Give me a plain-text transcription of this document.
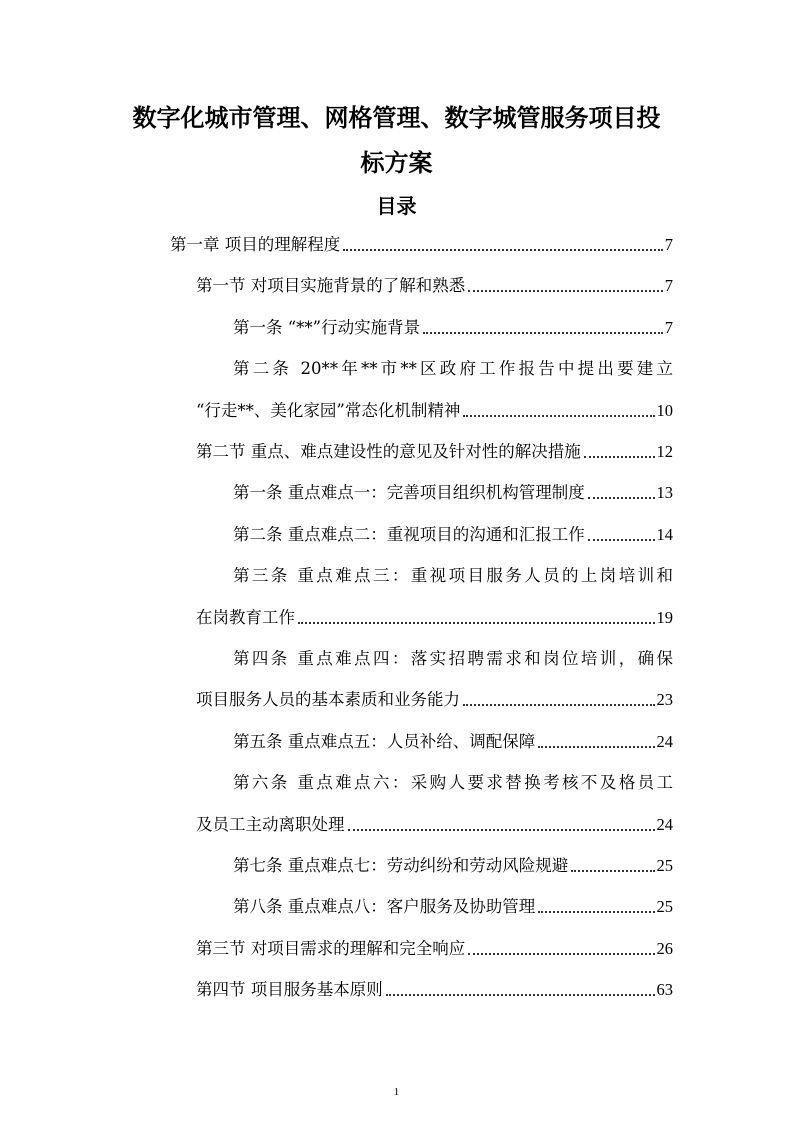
数字化城市管理、网格管理、数字城管服务项目投
标方案
目录
第一章 项目的理解程度	7
第一节 对项目实施背景的了解和熟悉	7
第一条 “**”行动实施背景	7
第二条 20**年**市**区政府工作报告中提出要建立
“行走**、美化家园”常态化机制精神	10
第二节 重点、难点建设性的意见及针对性的解决措施	12
第一条 重点难点一：完善项目组织机构管理制度	13
第二条 重点难点二：重视项目的沟通和汇报工作	14
第三条 重点难点三：重视项目服务人员的上岗培训和
在岗教育工作	19
第四条 重点难点四：落实招聘需求和岗位培训，确保
项目服务人员的基本素质和业务能力	23
第五条 重点难点五：人员补给、调配保障	24
第六条 重点难点六：采购人要求替换考核不及格员工
及员工主动离职处理	24
第七条 重点难点七：劳动纠纷和劳动风险规避	25
第八条 重点难点八：客户服务及协助管理	25
第三节 对项目需求的理解和完全响应	26
第四节 项目服务基本原则	63
1
